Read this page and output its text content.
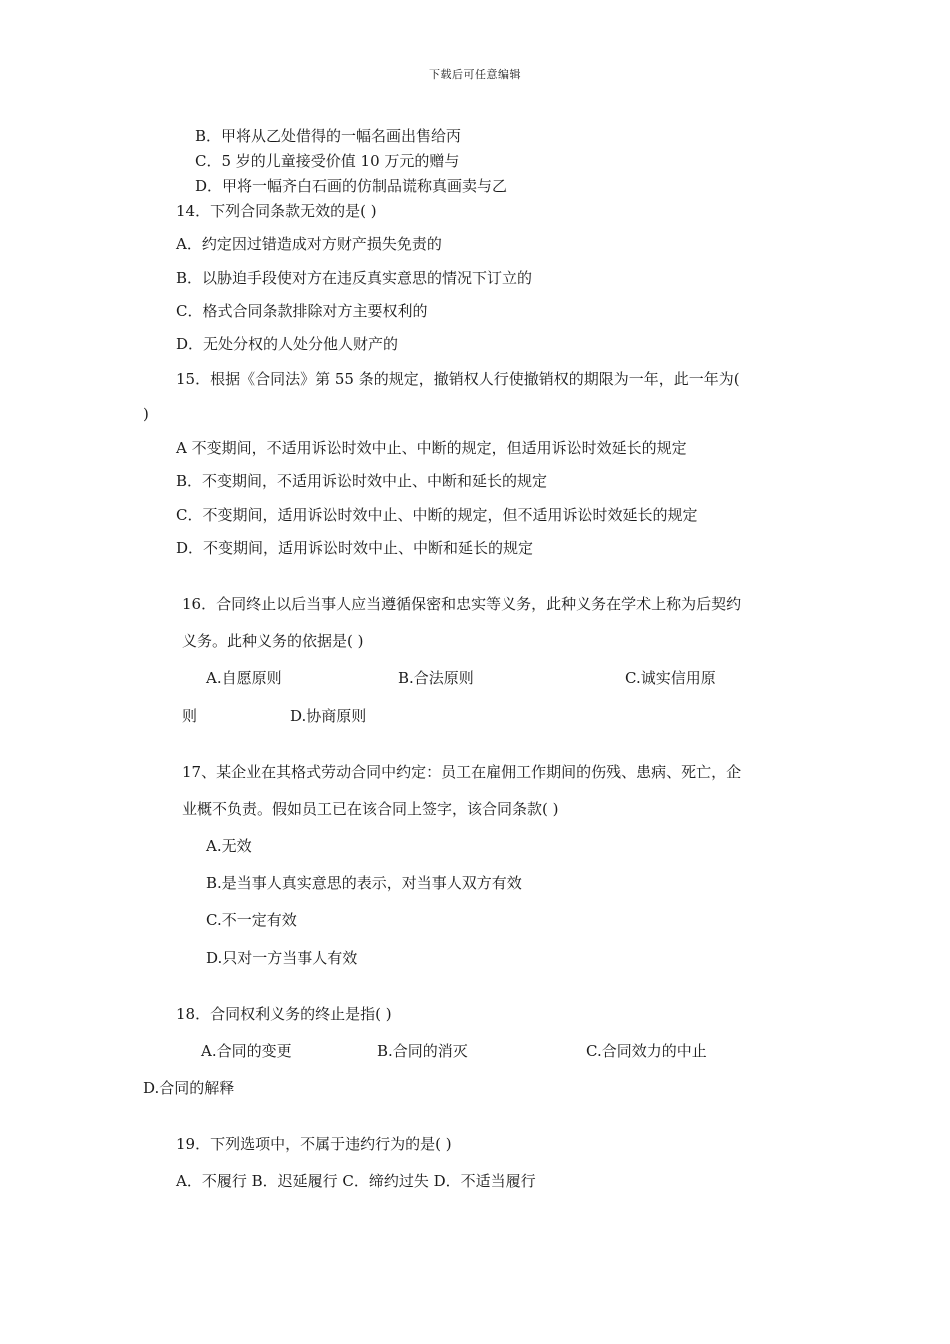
下载后可任意编辑
B．甲将从乙处借得的一幅名画出售给丙
C．5 岁的儿童接受价值 10 万元的赠与
D．甲将一幅齐白石画的仿制品谎称真画卖与乙
14．下列合同条款无效的是( )
A．约定因过错造成对方财产损失免责的
B．以胁迫手段使对方在违反真实意思的情况下订立的
C．格式合同条款排除对方主要权利的
D．无处分权的人处分他人财产的
15．根据《合同法》第 55 条的规定，撤销权人行使撤销权的期限为一年，此一年为(
)
A 不变期间，不适用诉讼时效中止、中断的规定，但适用诉讼时效延长的规定
B．不变期间，不适用诉讼时效中止、中断和延长的规定
C．不变期间，适用诉讼时效中止、中断的规定，但不适用诉讼时效延长的规定
D．不变期间，适用诉讼时效中止、中断和延长的规定
16．合同终止以后当事人应当遵循保密和忠实等义务，此种义务在学术上称为后契约
义务。此种义务的依据是( )
A.自愿原则	B.合法原则	C.诚实信用原
则	D.协商原则
17、某企业在其格式劳动合同中约定：员工在雇佣工作期间的伤残、患病、死亡，企
业概不负责。假如员工已在该合同上签字，该合同条款( )
A.无效
B.是当事人真实意思的表示，对当事人双方有效
C.不一定有效
D.只对一方当事人有效
18．合同权利义务的终止是指( )
A.合同的变更	B.合同的消灭	C.合同效力的中止
D.合同的解释
19．下列选项中，不属于违约行为的是( )
A．不履行 B．迟延履行 C．缔约过失 D．不适当履行
